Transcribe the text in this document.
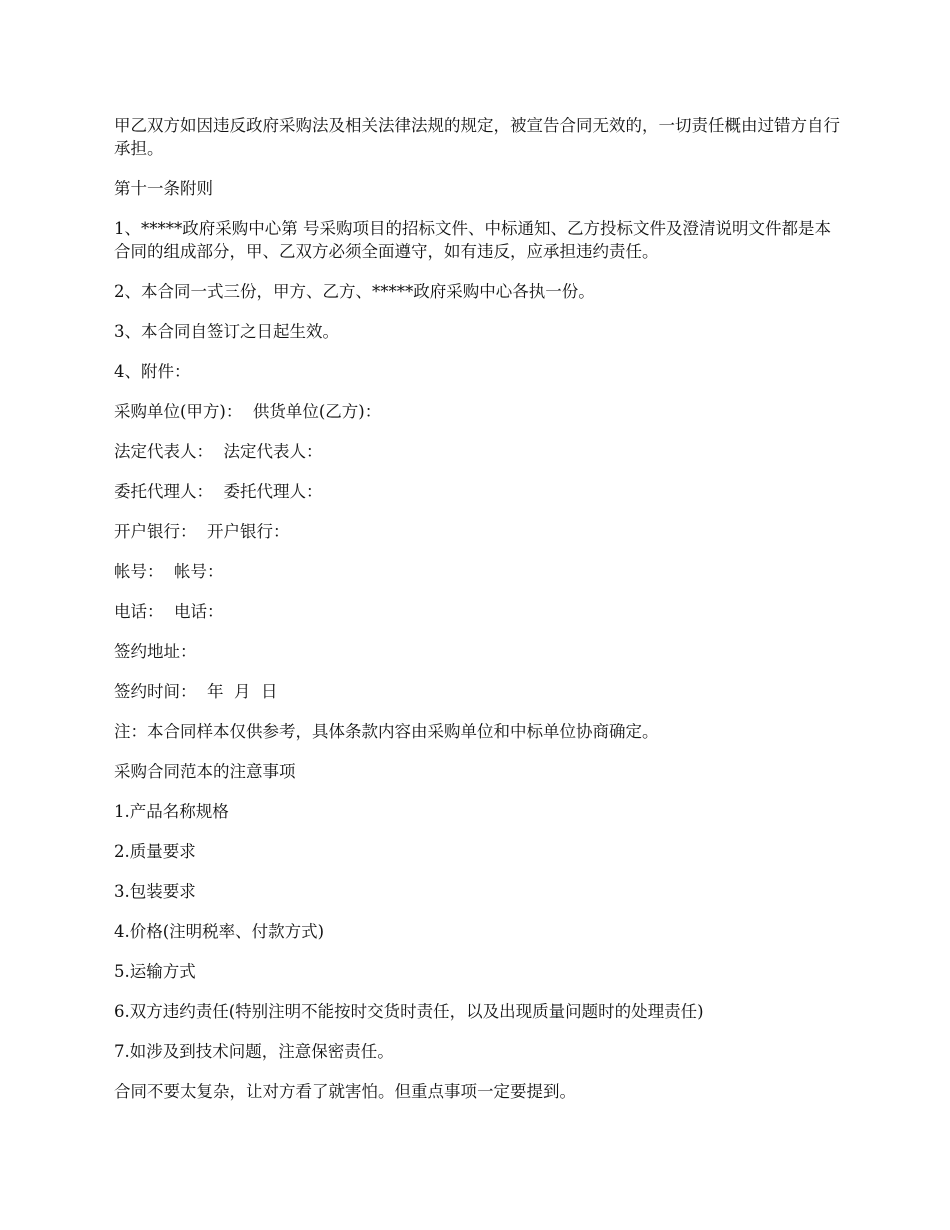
甲乙双方如因违反政府采购法及相关法律法规的规定，被宣告合同无效的，一切责任概由过错方自行承担。

第十一条附则

1、*****政府采购中心第 号采购项目的招标文件、中标通知、乙方投标文件及澄清说明文件都是本合同的组成部分，甲、乙双方必须全面遵守，如有违反，应承担违约责任。

2、本合同一式三份，甲方、乙方、*****政府采购中心各执一份。

3、本合同自签订之日起生效。

4、附件：

采购单位(甲方)：  供货单位(乙方)：

法定代表人：  法定代表人：

委托代理人：  委托代理人：

开户银行：  开户银行：

帐号：  帐号：

电话：  电话：

签约地址：

签约时间：  年  月  日

注：本合同样本仅供参考，具体条款内容由采购单位和中标单位协商确定。

采购合同范本的注意事项

1.产品名称规格

2.质量要求

3.包装要求

4.价格(注明税率、付款方式)

5.运输方式

6.双方违约责任(特别注明不能按时交货时责任，以及出现质量问题时的处理责任)

7.如涉及到技术问题，注意保密责任。

合同不要太复杂，让对方看了就害怕。但重点事项一定要提到。
